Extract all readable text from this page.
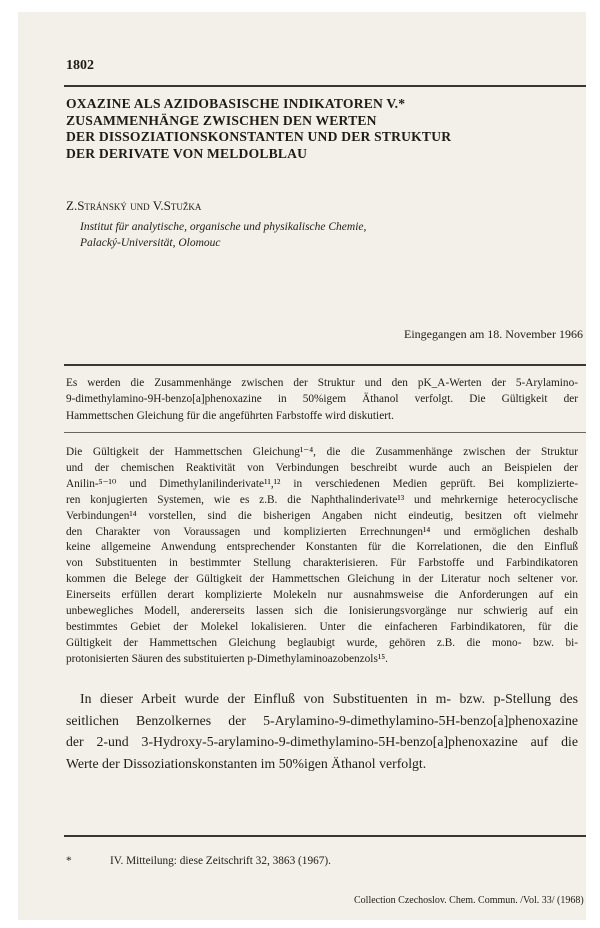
1802
OXAZINE ALS AZIDOBASISCHE INDIKATOREN V.*
ZUSAMMENHÄNGE ZWISCHEN DEN WERTEN
DER DISSOZIATIONSKONSTANTEN UND DER STRUKTUR
DER DERIVATE VON MELDOLBLAU
Z.Stránský und V.Stužka
Institut für analytische, organische und physikalische Chemie,
Palacký-Universität, Olomouc
Eingegangen am 18. November 1966
Es werden die Zusammenhänge zwischen der Struktur und den pK_A-Werten der 5-Arylamino-
9-dimethylamino-9H-benzo[a]phenoxazine in 50%igem Äthanol verfolgt. Die Gültigkeit der
Hammettschen Gleichung für die angeführten Farbstoffe wird diskutiert.
Die Gültigkeit der Hammettschen Gleichung¹⁻⁴, die die Zusammenhänge zwischen der Struktur
und der chemischen Reaktivität von Verbindungen beschreibt wurde auch an Beispielen der
Anilin-⁵⁻¹⁰ und Dimethylanilinderivate¹¹,¹² in verschiedenen Medien geprüft. Bei komplizierte-
ren konjugierten Systemen, wie es z.B. die Naphthalinderivate¹³ und mehrkernige heterocyclische
Verbindungen¹⁴ vorstellen, sind die bisherigen Angaben nicht eindeutig, besitzen oft vielmehr
den Charakter von Voraussagen und komplizierten Errechnungen¹⁴ und ermöglichen deshalb
keine allgemeine Anwendung entsprechender Konstanten für die Korrelationen, die den Einfluß
von Substituenten in bestimmter Stellung charakterisieren. Für Farbstoffe und Farbindikatoren
kommen die Belege der Gültigkeit der Hammettschen Gleichung in der Literatur noch seltener vor.
Einerseits erfüllen derart komplizierte Molekeln nur ausnahmsweise die Anforderungen auf ein
unbewegliches Modell, andererseits lassen sich die Ionisierungsvorgänge nur schwierig auf ein
bestimmtes Gebiet der Molekel lokalisieren. Unter die einfacheren Farbindikatoren, für die
Gültigkeit der Hammettschen Gleichung beglaubigt wurde, gehören z.B. die mono- bzw. bi-
protonisierten Säuren des substituierten p-Dimethylaminoazobenzols¹⁵.
In dieser Arbeit wurde der Einfluß von Substituenten in m- bzw. p-Stellung des
seitlichen Benzolkernes der 5-Arylamino-9-dimethylamino-5H-benzo[a]phenoxazine
der 2-und 3-Hydroxy-5-arylamino-9-dimethylamino-5H-benzo[a]phenoxazine auf die
Werte der Dissoziationskonstanten im 50%igen Äthanol verfolgt.
*	IV. Mitteilung: diese Zeitschrift 32, 3863 (1967).
Collection Czechoslov. Chem. Commun. /Vol. 33/ (1968)
